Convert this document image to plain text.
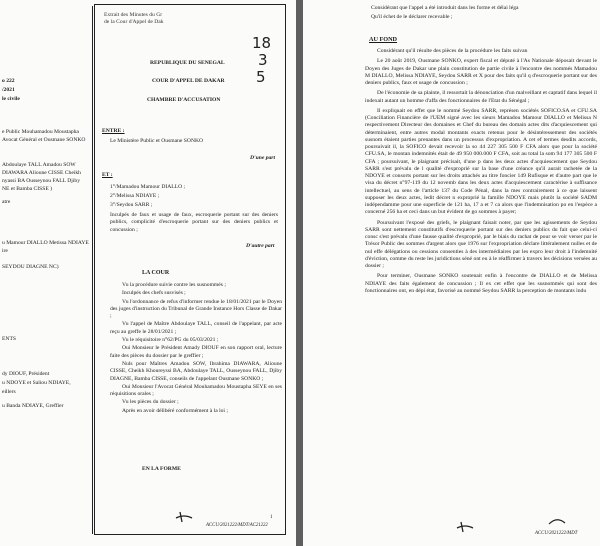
Extrait des Minutes du Gr
de la Cour d'Appel de Dak
18
3
5
o 222
/2021
le civile
e Public Mouhamadou Moustapha
Avocat Général et Ousmane SONKO
Abdoulaye TALL Amadou SOW
DIAWARA Alioune CISSE Cheikh
nyassi BA Ousseynou FALL Djiby
NE et Bamba CISSE )
atre
u Mamour DIALLO Metissa NDIAYE
ire
SEYDOU DIAGNE NC)
ENTS
dy DIOUF, Président
u NDOYE et Saliou NDIAYE,
eillers
u Banda NDIAYE, Greffier
REPUBLIQUE DU SENEGAL
COUR D'APPEL DE DAKAR
CHAMBRE D'ACCUSATION
ENTRE :
Le Ministère Public et Ousmane SONKO
D'une part
ET :
1°/Mamadou Mamour DIALLO ;
2°/Melissa NDIAYE ;
3°/Seydou SARR ;
Inculpés de faux et usage de faux, escroquerie portant sur des deniers publics, complicité d'escroquerie portant sur des deniers publics et concussion ;
D'autre part
LA COUR
Vu la procédure suivie contre les susnommés ;
Inculpés des chefs susvisés ;
Vu l'ordonnance de refus d'informer rendue le 18/01/2021 par le Doyen des juges d'instruction du Tribunal de Grande Instance Hors Classe de Dakar ;
Vu l'appel de Maître Abdoulaye TALL, conseil de l'appelant, par acte reçu au greffe le 28/01/2021 ;
Vu le réquisitoire n°62/PG du 05/03/2021 ;
Oui Monsieur le Président Amady DIOUF en son rapport oral, lecture faite des pièces du dossier par le greffier ;
Nuls pour Maîtres Amadou SOW, Ibrahima DIAWARA, Alioune CISSE, Cheikh Khoureyssi BA, Abdoulaye TALL, Ousseynou FALL, Djiby DIAGNE, Bamba CISSE, conseils de l'appelant Ousmane SONKO ;
Oui Monsieur l'Avocat Général Mouhamadou Moustapha SEYE en ses réquisitions orales ;
Vu les pièces du dossier ;
Après en avoir délibéré conformément à la loi ;
EN LA FORME
1
ACCU/2021222/MDT/AC21222
Considérant que l'appel a été introduit dans les forme et délai léga
Qu'il échet de le déclarer recevable ;
AU FOND

Considérant qu'il résulte des pièces de la procédure les faits suivan

Le 20 août 2019, Ousmane SONKO, expert fiscal et député à l'As Nationale déposait devant le Doyen des Juges de Dakar une plain constitution de partie civile à l'encontre des nommés Mamadou M DIALLO, Melissa NDIAYE, Seydou SARR et X pour des faits qu'il q d'escroquerie portant sur des deniers publics, faux et usage de concussion ;

De l'économie de sa plainte, il ressortait la dénonciation d'un malveillant et captatif dans lequel il indexait autant un homme d'affa des fonctionnaires de l'Etat du Sénégal ;

Il expliquait en effet que le nommé Seydou SARR, représen sociétés SOFICO.SA et CFU.SA (Conciliation Financière de l'UEM signé avec les sieurs Mamadou Mamour DIALLO et Melissa N respectivement Directeur des domaines et Chef du bureau des domain actes dits d'acquiescement qui déterminaient, entre autres modal montants exacts retenus pour le désintéressement des sociétés susnom étaient parties prenantes dans un processus d'expropriation. A cet ef termes desdits accords, poursuivait il, la SOFICO devait recevoir la so 44 227 305 500 F CFA alors que pour la société CFU.SA, le montan indemnités était de 49 950 000.000 F CFA, soit au total la som 94 177 305 500 F CFA ; poursuivant, le plaignant précisait, d'une p dans les deux actes d'acquiescement que Seydou SARR s'est prévalu de l qualité d'exproprié sur la base d'une créance qu'il aurait rachetée de la NDOYE et consorts portant sur les droits attachés au titre foncier 149 Rufisque et d'autre part que le visa du décret n°97-119 du 12 novemb dans les deux actes d'acquiescement caractérise à suffisance intellectuel, au sens de l'article 137 du Code Pénal, dans la mes contrairement à ce que laissent supposer les deux actes, ledit décret n exproprié la famille NDOYE mais plutôt la société SADM indépendamme pour une superficie de 121 ha, 17 a et 7 ca alors que l'indemnisation po en l'espèce a concerné 256 ha et ceci dans un but évident de go sommes à payer;

Poursuivant l'exposé des griefs, le plaignant faisait noter, par que les agissements de Seydou SARR sont nettement constitutifs d'escroquerie portant sur des deniers publics du fait que celui-ci consc s'est prévalu d'une fausse qualité d'exproprié, par le biais du rachat de pour se voir verser par le Trésor Public des sommes d'argent alors que 1976 sur l'expropriation déclare littéralement nulles et de nul effe délégations ou cessions consenties à des intermédiaires par les expro leur droit à l'indemnité d'éviction, comme du reste les juridictions séné ont eu à le réaffirmer à travers les décisions versées au dossier ;

Pour terminer, Ousmane SONKO soutenait enfin à l'encontre de DIALLO et de Melissa NDIAYE des faits également de concussion ; Il ex cet effet que les susnommés qui sont des fonctionnaires ont, en dépi état, favorisé au nommé Seydou SARR la perception de montants indu

ACCU/2021222/MDT
